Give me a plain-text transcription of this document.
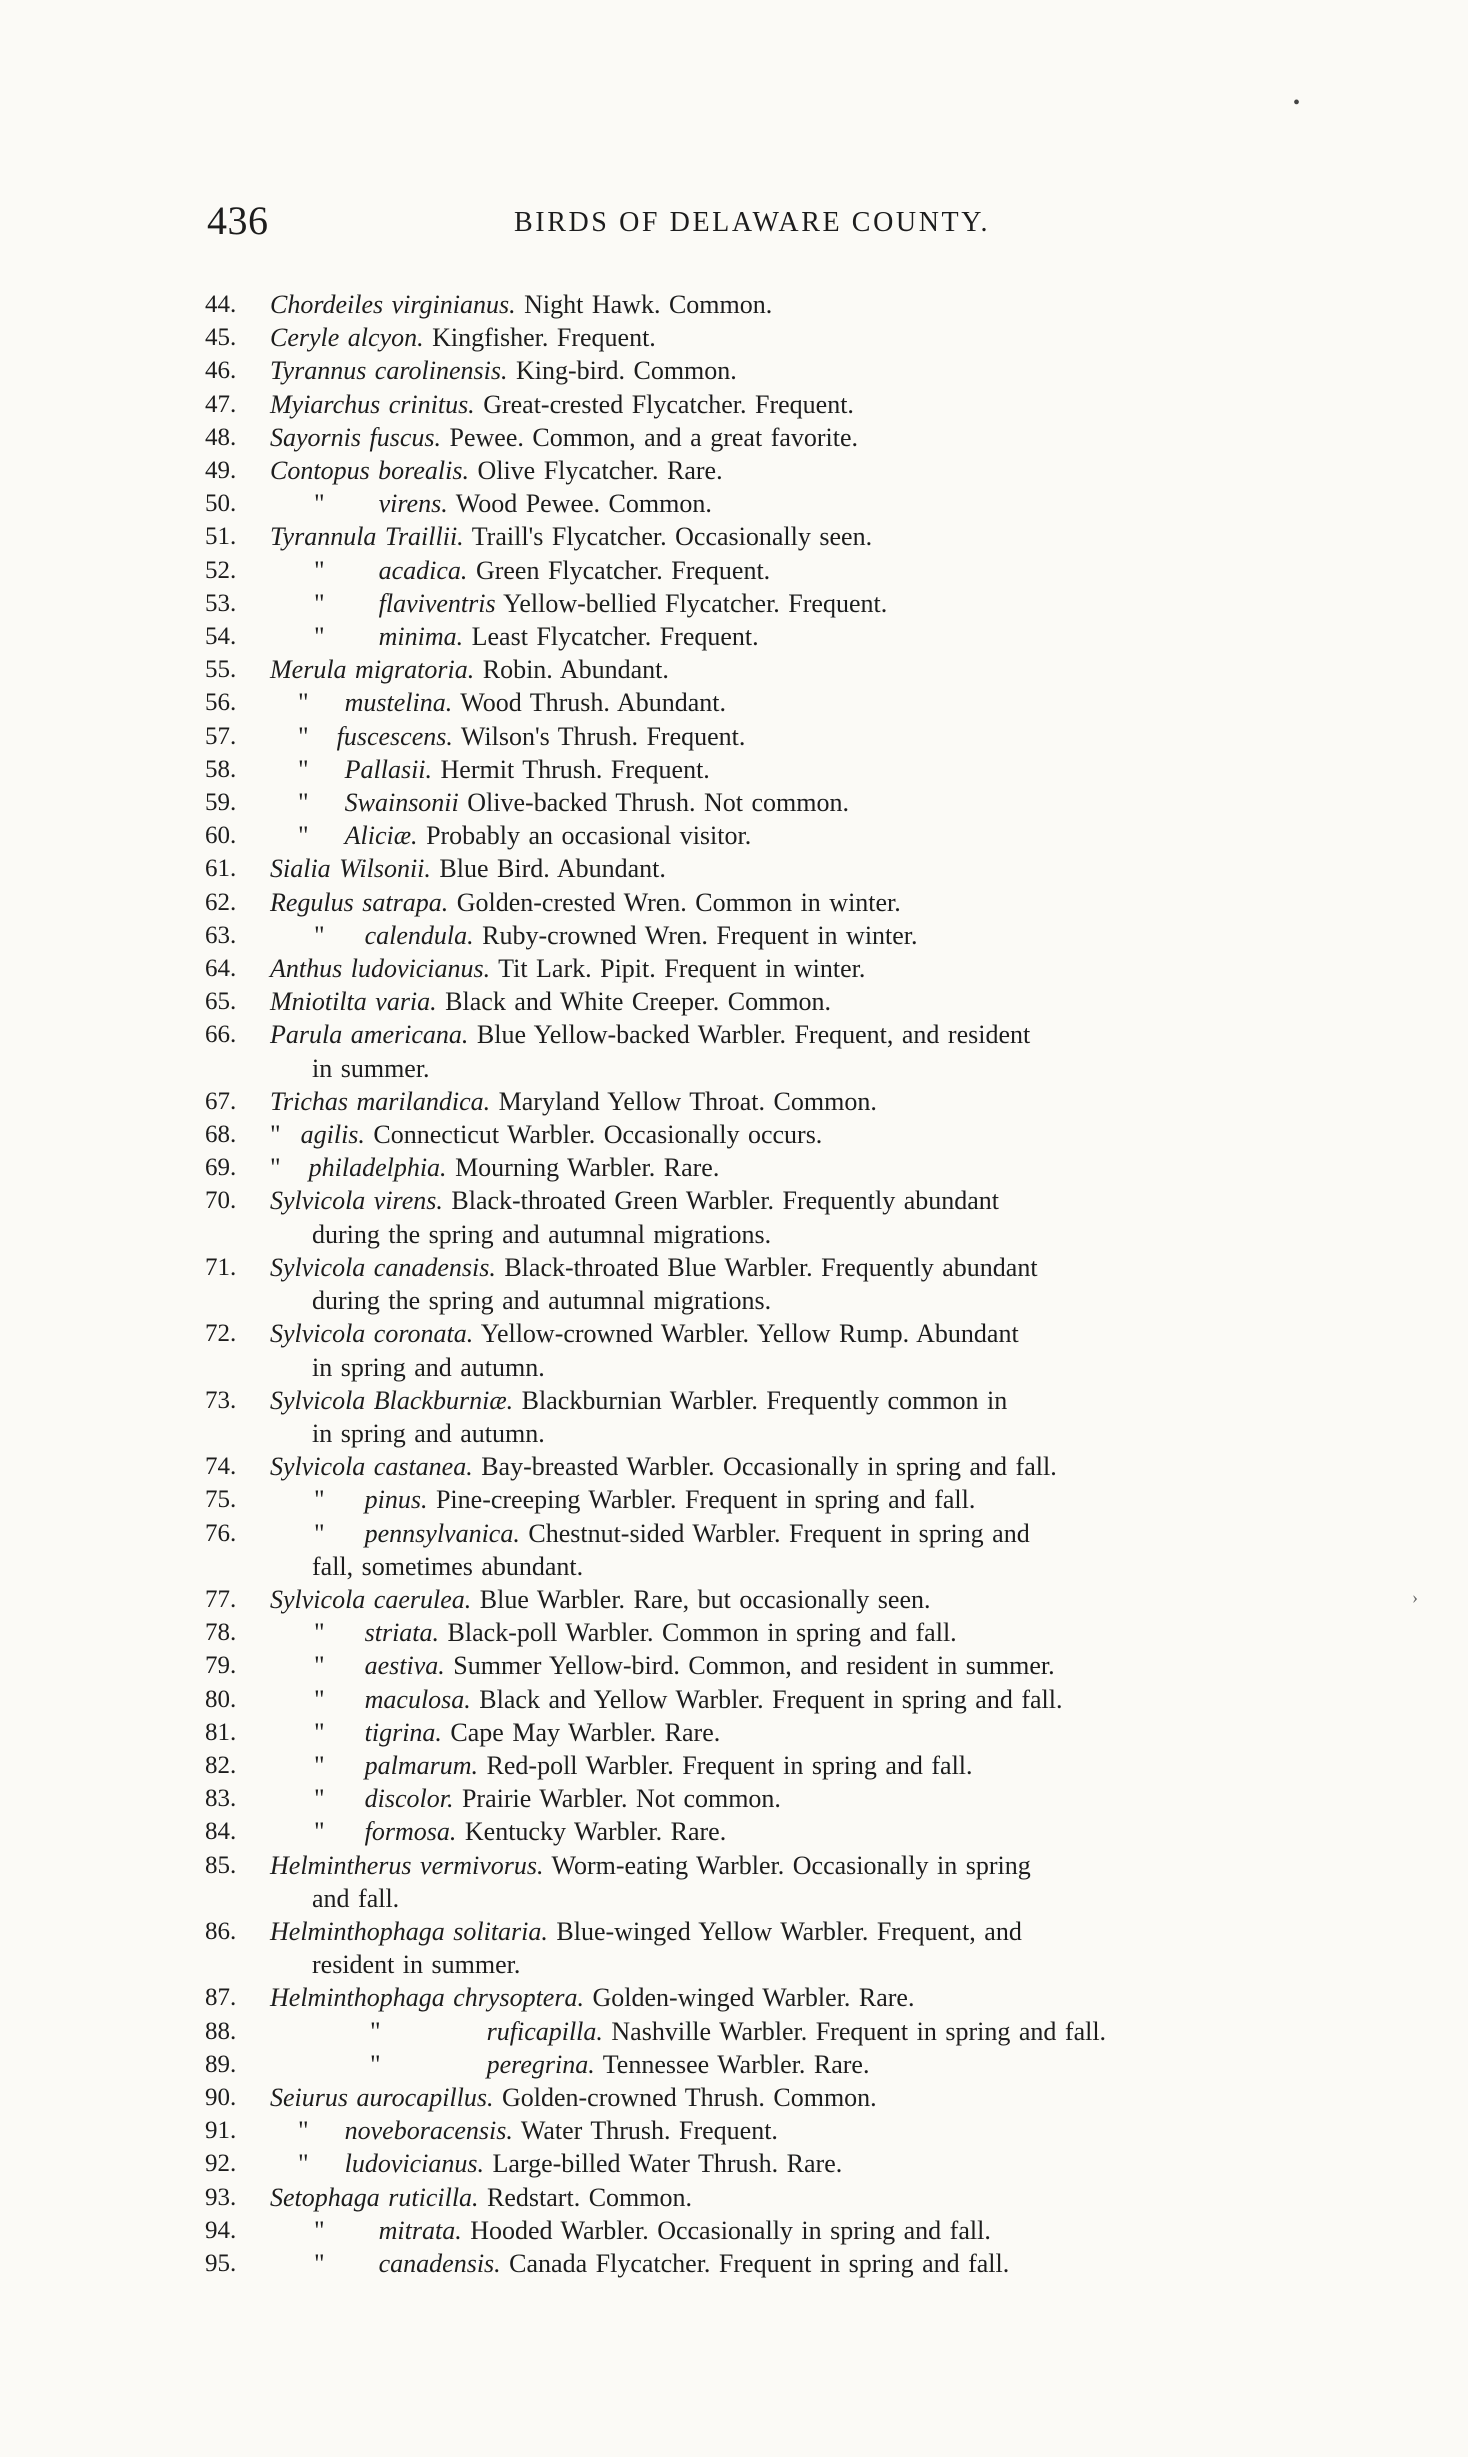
•
›
436	BIRDS OF DELAWARE COUNTY.
44. Chordeiles virginianus. Night Hawk. Common.
45. Ceryle alcyon. Kingfisher. Frequent.
46. Tyrannus carolinensis. King-bird. Common.
47. Myiarchus crinitus. Great-crested Flycatcher. Frequent.
48. Sayornis fuscus. Pewee. Common, and a great favorite.
49. Contopus borealis. Olive Flycatcher. Rare.
50.	" virens. Wood Pewee. Common.
51. Tyrannula Traillii. Traill's Flycatcher. Occasionally seen.
52.	" acadica. Green Flycatcher. Frequent.
53.	" flaviventris Yellow-bellied Flycatcher. Frequent.
54.	" minima. Least Flycatcher. Frequent.
55. Merula migratoria. Robin. Abundant.
56.	" mustelina. Wood Thrush. Abundant.
57.	" fuscescens. Wilson's Thrush. Frequent.
58.	" Pallasii. Hermit Thrush. Frequent.
59.	" Swainsonii Olive-backed Thrush. Not common.
60.	" Aliciæ. Probably an occasional visitor.
61. Sialia Wilsonii. Blue Bird. Abundant.
62. Regulus satrapa. Golden-crested Wren. Common in winter.
63.	" calendula. Ruby-crowned Wren. Frequent in winter.
64. Anthus ludovicianus. Tit Lark. Pipit. Frequent in winter.
65. Mniotilta varia. Black and White Creeper. Common.
66. Parula americana. Blue Yellow-backed Warbler. Frequent, and resident
in summer.
67. Trichas marilandica. Maryland Yellow Throat. Common.
68. " agilis. Connecticut Warbler. Occasionally occurs.
69. " philadelphia. Mourning Warbler. Rare.
70. Sylvicola virens. Black-throated Green Warbler. Frequently abundant
during the spring and autumnal migrations.
71. Sylvicola canadensis. Black-throated Blue Warbler. Frequently abundant
during the spring and autumnal migrations.
72. Sylvicola coronata. Yellow-crowned Warbler. Yellow Rump. Abundant
in spring and autumn.
73. Sylvicola Blackburniæ. Blackburnian Warbler. Frequently common in
in spring and autumn.
74. Sylvicola castanea. Bay-breasted Warbler. Occasionally in spring and fall.
75.	" pinus. Pine-creeping Warbler. Frequent in spring and fall.
76.	" pennsylvanica. Chestnut-sided Warbler. Frequent in spring and
fall, sometimes abundant.
77. Sylvicola caerulea. Blue Warbler. Rare, but occasionally seen.
78.	" striata. Black-poll Warbler. Common in spring and fall.
79.	" aestiva. Summer Yellow-bird. Common, and resident in summer.
80.	" maculosa. Black and Yellow Warbler. Frequent in spring and fall.
81.	" tigrina. Cape May Warbler. Rare.
82.	" palmarum. Red-poll Warbler. Frequent in spring and fall.
83.	" discolor. Prairie Warbler. Not common.
84.	" formosa. Kentucky Warbler. Rare.
85. Helmintherus vermivorus. Worm-eating Warbler. Occasionally in spring
and fall.
86. Helminthophaga solitaria. Blue-winged Yellow Warbler. Frequent, and
resident in summer.
87. Helminthophaga chrysoptera. Golden-winged Warbler. Rare.
88.	"	ruficapilla. Nashville Warbler. Frequent in spring and fall.
89.	"	peregrina. Tennessee Warbler. Rare.
90. Seiurus aurocapillus. Golden-crowned Thrush. Common.
91.	" noveboracensis. Water Thrush. Frequent.
92.	" ludovicianus. Large-billed Water Thrush. Rare.
93. Setophaga ruticilla. Redstart. Common.
94.	" mitrata. Hooded Warbler. Occasionally in spring and fall.
95.	" canadensis. Canada Flycatcher. Frequent in spring and fall.
